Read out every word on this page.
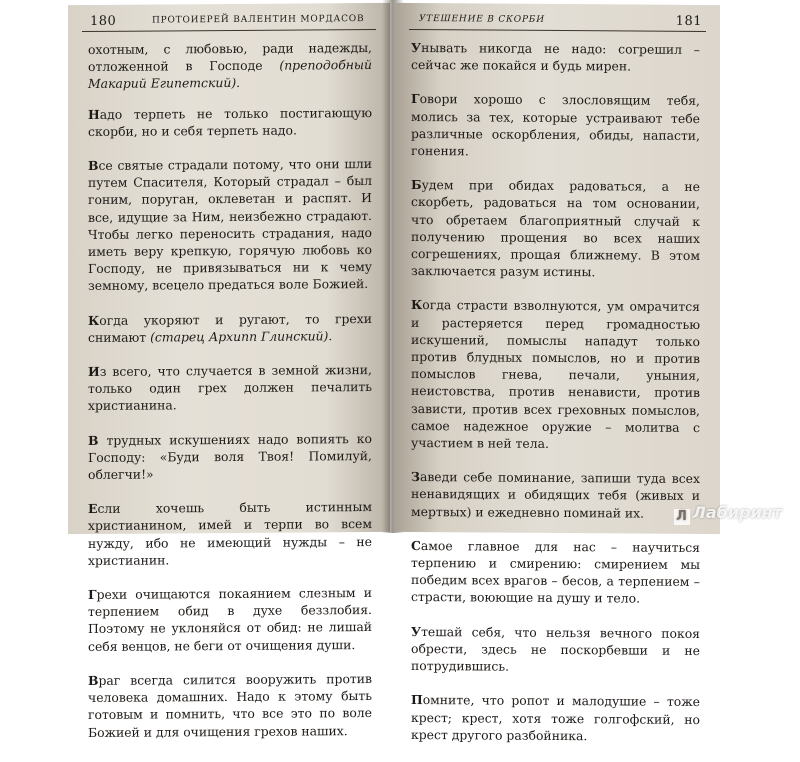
180	ПРОТОИЕРЕЙ ВАЛЕНТИН МОРДАСОВ

охотным, с любовью, ради надежды, отложенной в Господе (преподобный Макарий Египетский).

Надо терпеть не только постигающую скорби, но и себя терпеть надо.

Все святые страдали потому, что они шли путем Спасителя, Который страдал – был гоним, поруган, оклеветан и распят. И все, идущие за Ним, неизбежно страдают. Чтобы легко переносить страдания, надо иметь веру крепкую, горячую любовь ко Господу, не привязываться ни к чему земному, всецело предаться воле Божией.

Когда укоряют и ругают, то грехи снимают (старец Архипп Глинский).

Из всего, что случается в земной жизни, только один грех должен печалить христианина.

В трудных искушениях надо вопиять ко Господу: «Буди воля Твоя! Помилуй, облегчи!»

Если хочешь быть истинным христианином, имей и терпи во всем нужду, ибо не имеющий нужды – не христианин.

Грехи очищаются покаянием слезным и терпением обид в духе беззлобия. Поэтому не уклоняйся от обид: не лишай себя венцов, не беги от очищения души.

Враг всегда силится вооружить против человека домашних. Надо к этому быть готовым и помнить, что все это по воле Божией и для очищения грехов наших.

УТЕШЕНИЕ В СКОРБИ	181

Унывать никогда не надо: согрешил – сейчас же покайся и будь мирен.

Говори хорошо с злословящим тебя, молись за тех, которые устраивают тебе различные оскорбления, обиды, напасти, гонения.

Будем при обидах радоваться, а не скорбеть, радоваться на том основании, что обретаем благоприятный случай к получению прощения во всех наших согрешениях, прощая ближнему. В этом заключается разум истины.

Когда страсти взволнуются, ум омрачится и растеряется перед громадностью искушений, помыслы нападут только против блудных помыслов, но и против помыслов гнева, печали, уныния, неистовства, против ненависти, против зависти, против всех греховных помыслов, самое надежное оружие – молитва с участием в ней тела.

Заведи себе поминание, запиши туда всех ненавидящих и обидящих тебя (живых и мертвых) и ежедневно поминай их.

Самое главное для нас – научиться терпению и смирению: смирением мы победим всех врагов – бесов, а терпением – страсти, воюющие на душу и тело.

Утешай себя, что нельзя вечного покоя обрести, здесь не поскорбевши и не потрудившись.

Помните, что ропот и малодушие – тоже крест; крест, хотя тоже голгофский, но крест другого разбойника.

Л Лабиринт
